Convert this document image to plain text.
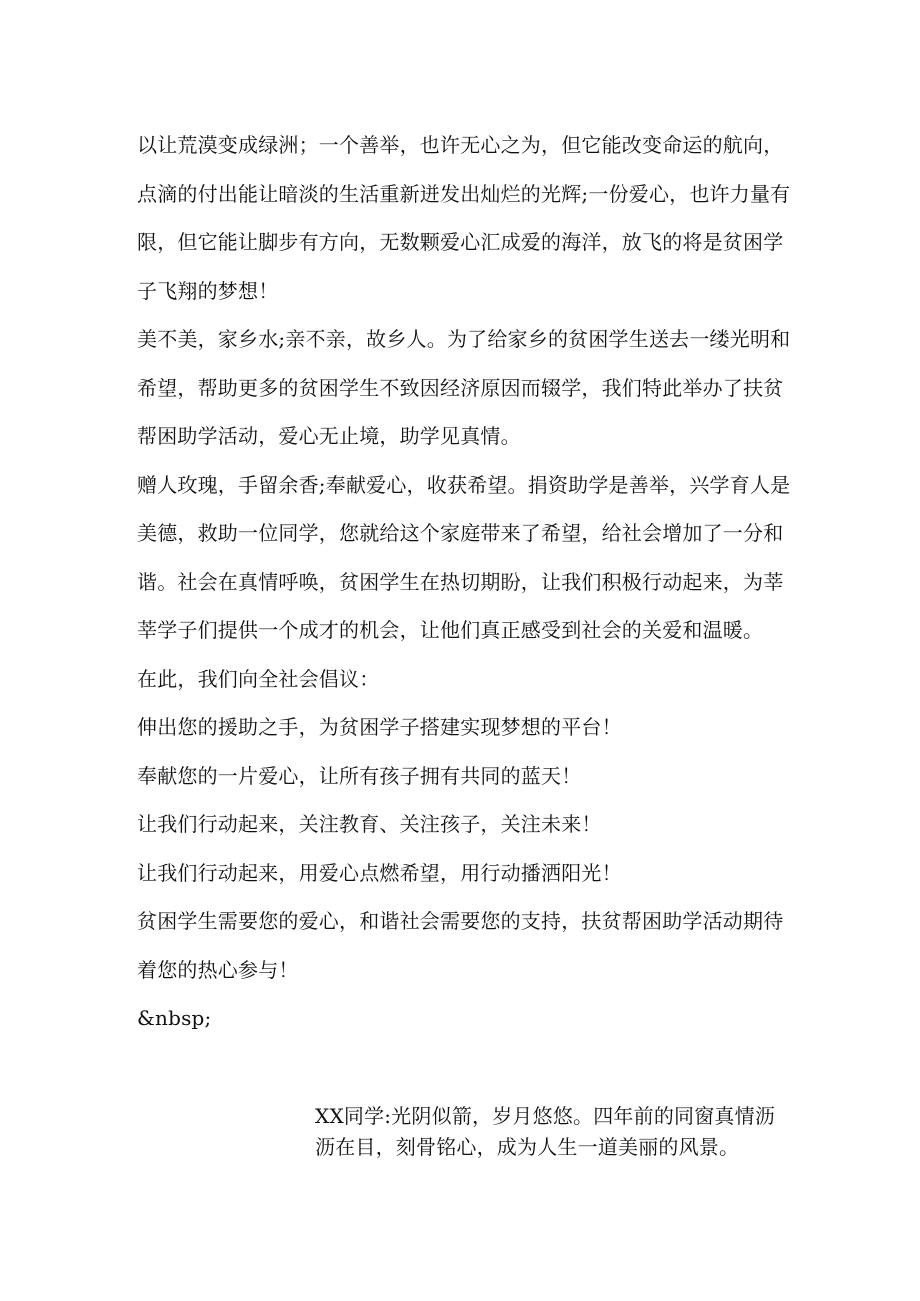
以让荒漠变成绿洲；一个善举，也许无心之为，但它能改变命运的航向，
点滴的付出能让暗淡的生活重新迸发出灿烂的光辉;一份爱心，也许力量有
限，但它能让脚步有方向，无数颗爱心汇成爱的海洋，放飞的将是贫困学
子飞翔的梦想！
美不美，家乡水;亲不亲，故乡人。为了给家乡的贫困学生送去一缕光明和
希望，帮助更多的贫困学生不致因经济原因而辍学，我们特此举办了扶贫
帮困助学活动，爱心无止境，助学见真情。
赠人玫瑰，手留余香;奉献爱心，收获希望。捐资助学是善举，兴学育人是
美德，救助一位同学，您就给这个家庭带来了希望，给社会增加了一分和
谐。社会在真情呼唤，贫困学生在热切期盼，让我们积极行动起来，为莘
莘学子们提供一个成才的机会，让他们真正感受到社会的关爱和温暖。
在此，我们向全社会倡议：
伸出您的援助之手，为贫困学子搭建实现梦想的平台！
奉献您的一片爱心，让所有孩子拥有共同的蓝天！
让我们行动起来，关注教育、关注孩子，关注未来！
让我们行动起来，用爱心点燃希望，用行动播洒阳光！
贫困学生需要您的爱心，和谐社会需要您的支持，扶贫帮困助学活动期待
着您的热心参与！
&nbsp;
XX同学:光阴似箭，岁月悠悠。四年前的同窗真情沥
沥在目，刻骨铭心，成为人生一道美丽的风景。
